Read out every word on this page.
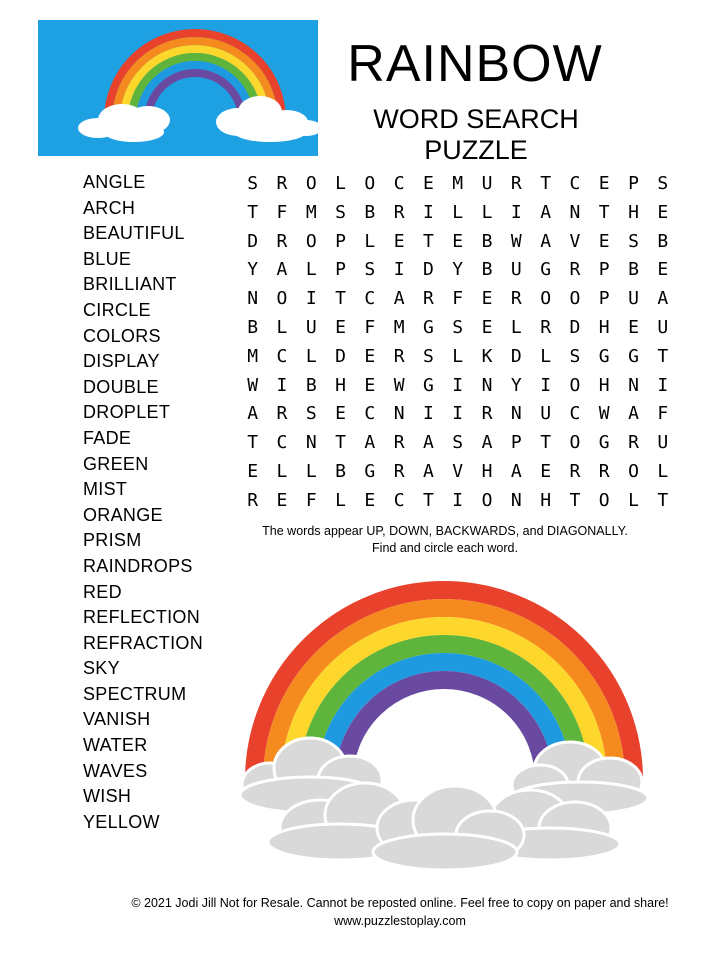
RAINBOW
WORD SEARCH PUZZLE
ANGLE
ARCH
BEAUTIFUL
BLUE
BRILLIANT
CIRCLE
COLORS
DISPLAY
DOUBLE
DROPLET
FADE
GREEN
MIST
ORANGE
PRISM
RAINDROPS
RED
REFLECTION
REFRACTION
SKY
SPECTRUM
VANISH
WATER
WAVES
WISH
YELLOW
S	R	O	L	O	C	E	M	U	R	T	C	E	P	S
T	F	M	S	B	R	I	L	L	I	A	N	T	H	E
D	R	O	P	L	E	T	E	B	W	A	V	E	S	B
Y	A	L	P	S	I	D	Y	B	U	G	R	P	B	E
N	O	I	T	C	A	R	F	E	R	O	O	P	U	A
B	L	U	E	F	M	G	S	E	L	R	D	H	E	U
M	C	L	D	E	R	S	L	K	D	L	S	G	G	T
W	I	B	H	E	W	G	I	N	Y	I	O	H	N	I
A	R	S	E	C	N	I	I	R	N	U	C	W	A	F
T	C	N	T	A	R	A	S	A	P	T	O	G	R	U
E	L	L	B	G	R	A	V	H	A	E	R	R	O	L
R	E	F	L	E	C	T	I	O	N	H	T	O	L	T
The words appear UP, DOWN, BACKWARDS, and DIAGONALLY.
Find and circle each word.
© 2021 Jodi Jill Not for Resale. Cannot be reposted online. Feel free to copy on paper and share!
www.puzzlestoplay.com
